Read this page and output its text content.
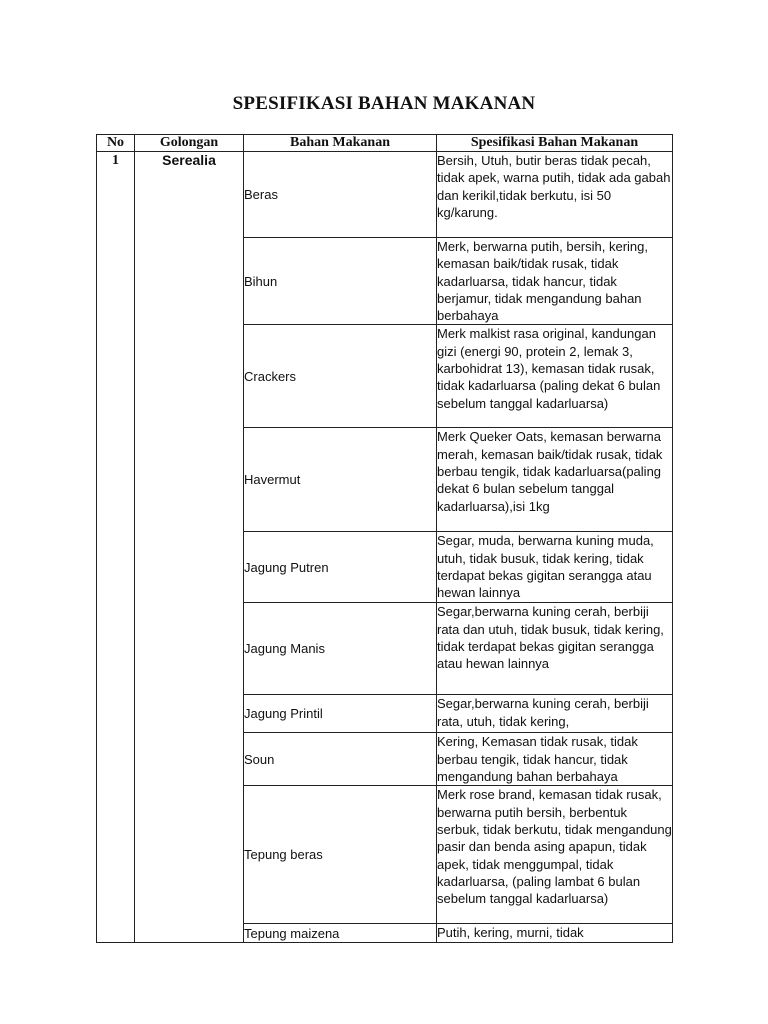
SPESIFIKASI BAHAN MAKANAN
No	Golongan	Bahan Makanan	Spesifikasi Bahan Makanan
1	Serealia	Beras	Bersih, Utuh, butir beras tidak pecah, tidak apek, warna putih, tidak ada gabah dan kerikil,tidak berkutu, isi 50 kg/karung.
		Bihun	Merk, berwarna putih, bersih, kering, kemasan baik/tidak rusak, tidak kadarluarsa, tidak hancur, tidak berjamur, tidak mengandung bahan berbahaya
		Crackers	Merk malkist rasa original, kandungan gizi (energi 90, protein 2, lemak 3, karbohidrat 13), kemasan tidak rusak, tidak kadarluarsa (paling dekat 6 bulan sebelum tanggal kadarluarsa)
		Havermut	Merk Queker Oats, kemasan berwarna merah, kemasan baik/tidak rusak, tidak berbau tengik, tidak kadarluarsa(paling dekat 6 bulan sebelum tanggal kadarluarsa),isi 1kg
		Jagung Putren	Segar, muda, berwarna kuning muda, utuh, tidak busuk, tidak kering, tidak terdapat bekas gigitan serangga atau hewan lainnya
		Jagung Manis	Segar,berwarna kuning cerah, berbiji rata dan utuh, tidak busuk, tidak kering, tidak terdapat bekas gigitan serangga atau hewan lainnya
		Jagung Printil	Segar,berwarna kuning cerah, berbiji rata, utuh, tidak kering,
		Soun	Kering, Kemasan tidak rusak, tidak berbau tengik, tidak hancur, tidak mengandung bahan berbahaya
		Tepung beras	Merk rose brand, kemasan tidak rusak, berwarna putih bersih, berbentuk serbuk, tidak berkutu, tidak mengandung pasir dan benda asing apapun, tidak apek, tidak menggumpal, tidak kadarluarsa, (paling lambat 6 bulan sebelum tanggal kadarluarsa)
		Tepung maizena	Putih, kering, murni, tidak
